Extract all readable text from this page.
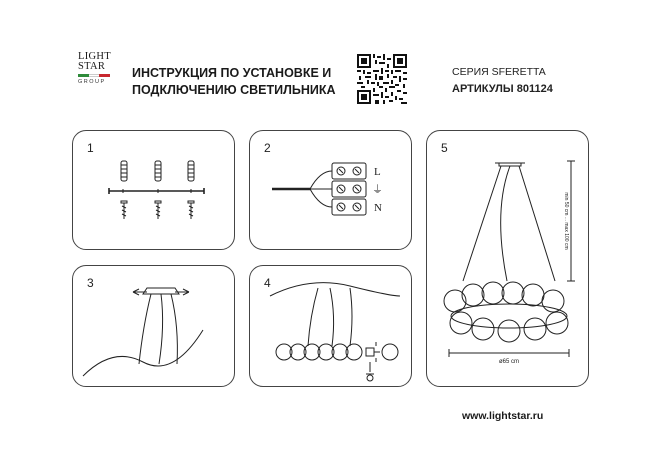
LIGHT
STAR
GROUP
ИНСТРУКЦИЯ ПО УСТАНОВКЕ И
ПОДКЛЮЧЕНИЮ СВЕТИЛЬНИКА
СЕРИЯ SFERETTA
АРТИКУЛЫ 801124
1	2
L
⏚
N
3	4
5
min 50 cm ... max 100 cm
ø65 cm
www.lightstar.ru
